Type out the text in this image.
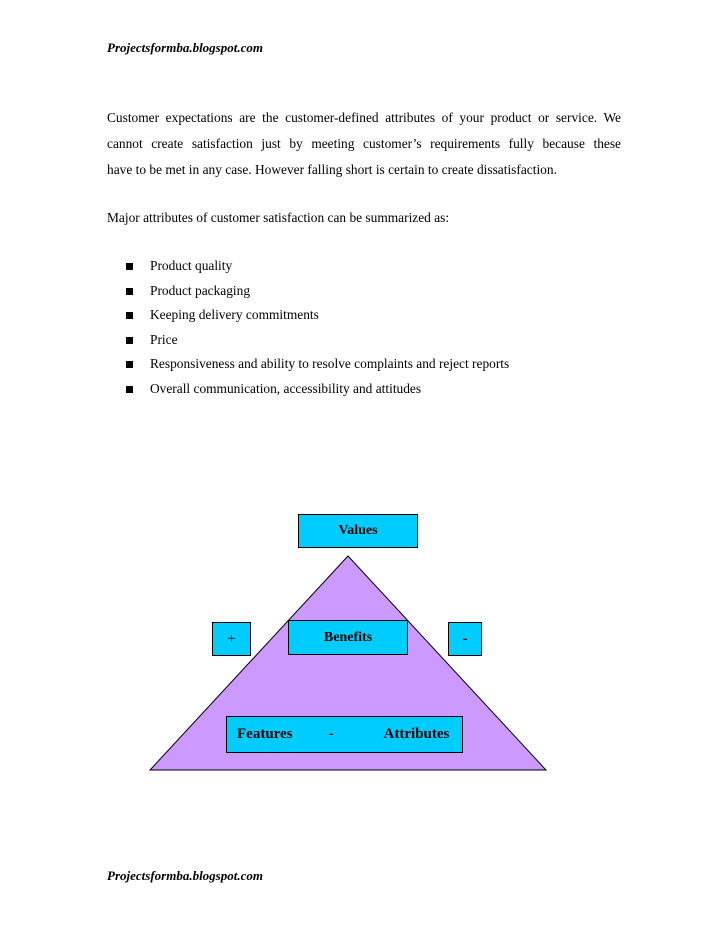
Projectsformba.blogspot.com
Customer expectations are the customer-defined attributes of your product or service. We
cannot create satisfaction just by meeting customer’s requirements fully because these
have to be met in any case. However falling short is certain to create dissatisfaction.
Major attributes of customer satisfaction can be summarized as:
Product quality
Product packaging
Keeping delivery commitments
Price
Responsiveness and ability to resolve complaints and reject reports
Overall communication, accessibility and attitudes
Values
+	Benefits	-
Features -	Attributes
Projectsformba.blogspot.com
